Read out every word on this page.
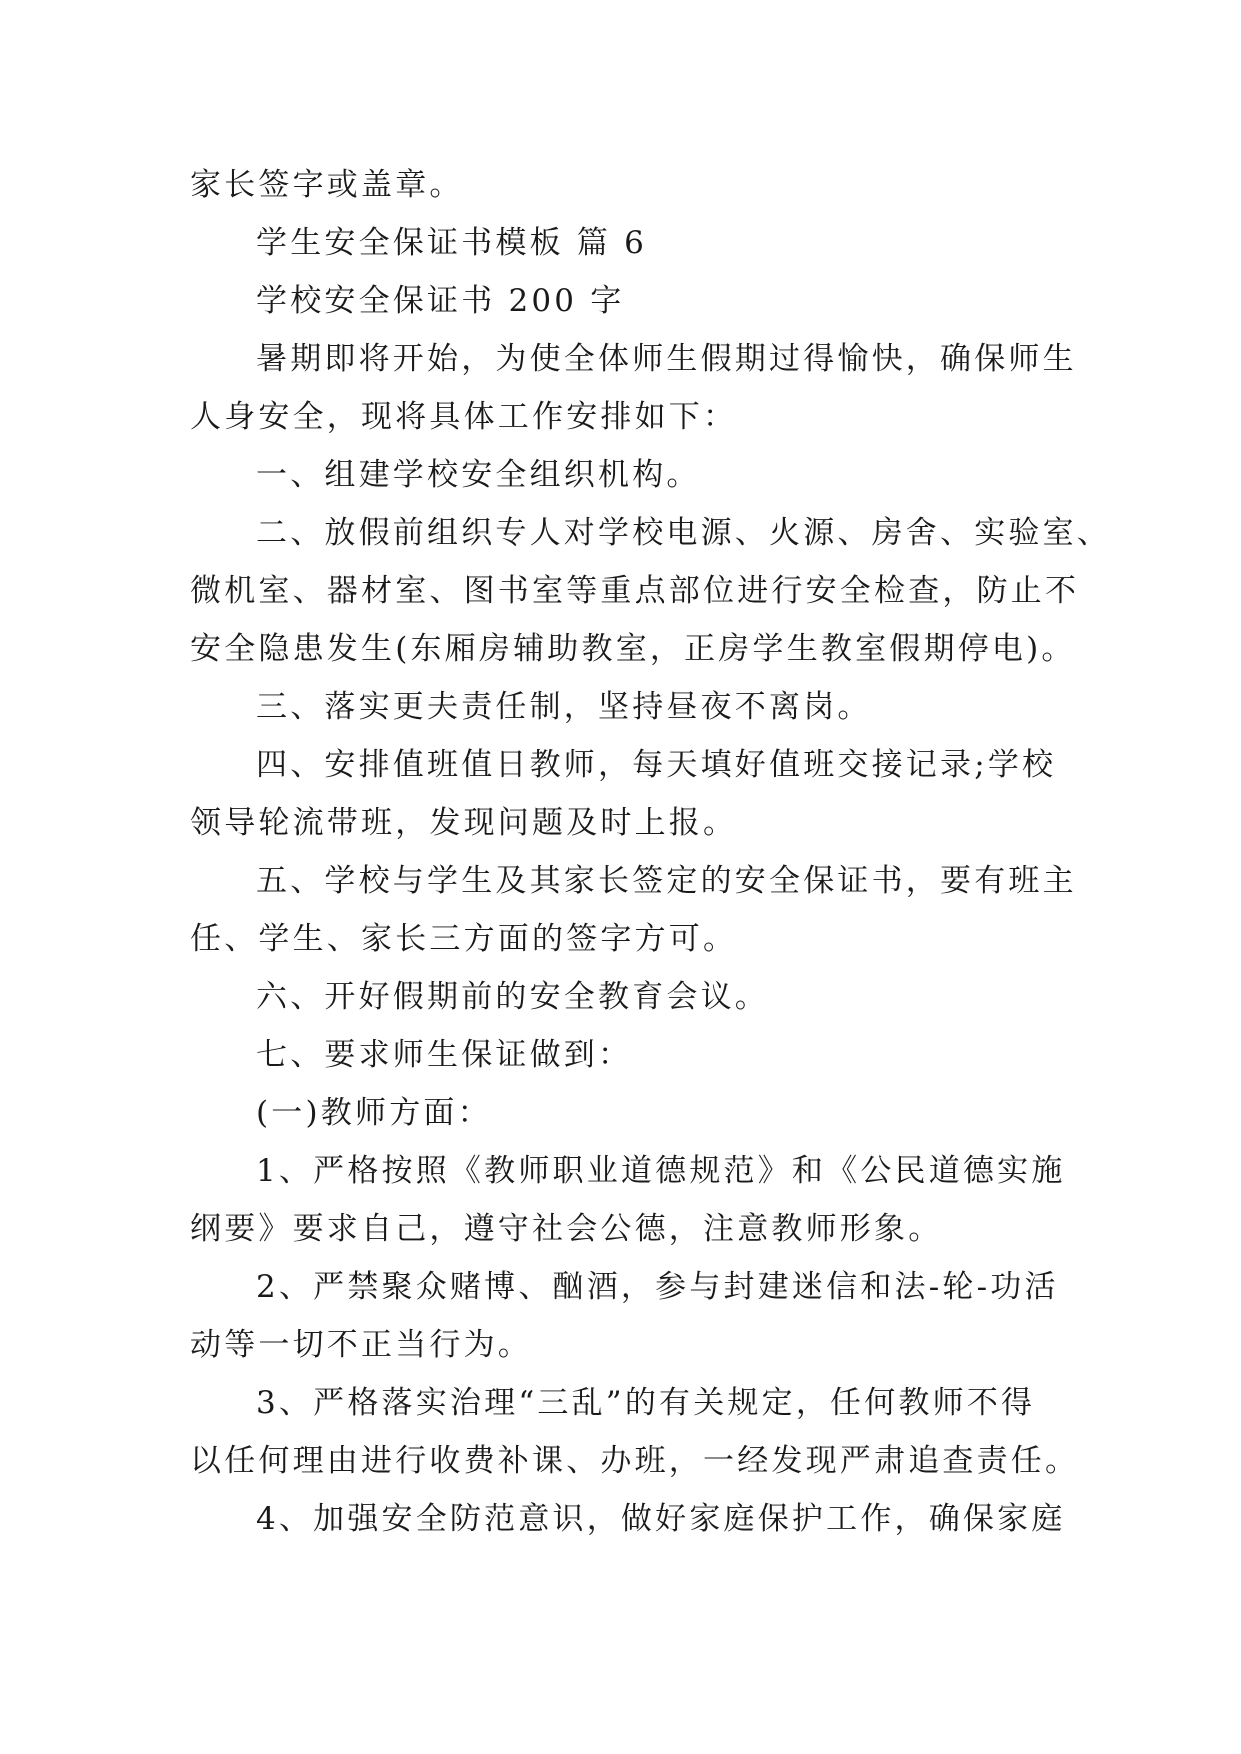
家长签字或盖章。

学生安全保证书模板 篇 6

学校安全保证书 200 字

暑期即将开始，为使全体师生假期过得愉快，确保师生

人身安全，现将具体工作安排如下：

一、组建学校安全组织机构。

二、放假前组织专人对学校电源、火源、房舍、实验室、

微机室、器材室、图书室等重点部位进行安全检查，防止不

安全隐患发生(东厢房辅助教室，正房学生教室假期停电)。

三、落实更夫责任制，坚持昼夜不离岗。

四、安排值班值日教师，每天填好值班交接记录;学校

领导轮流带班，发现问题及时上报。

五、学校与学生及其家长签定的安全保证书，要有班主

任、学生、家长三方面的签字方可。

六、开好假期前的安全教育会议。

七、要求师生保证做到：

(一)教师方面：

1、严格按照《教师职业道德规范》和《公民道德实施

纲要》要求自己，遵守社会公德，注意教师形象。

2、严禁聚众赌博、酗酒，参与封建迷信和法-轮-功活

动等一切不正当行为。

3、严格落实治理“三乱”的有关规定，任何教师不得

以任何理由进行收费补课、办班，一经发现严肃追查责任。

4、加强安全防范意识，做好家庭保护工作，确保家庭
